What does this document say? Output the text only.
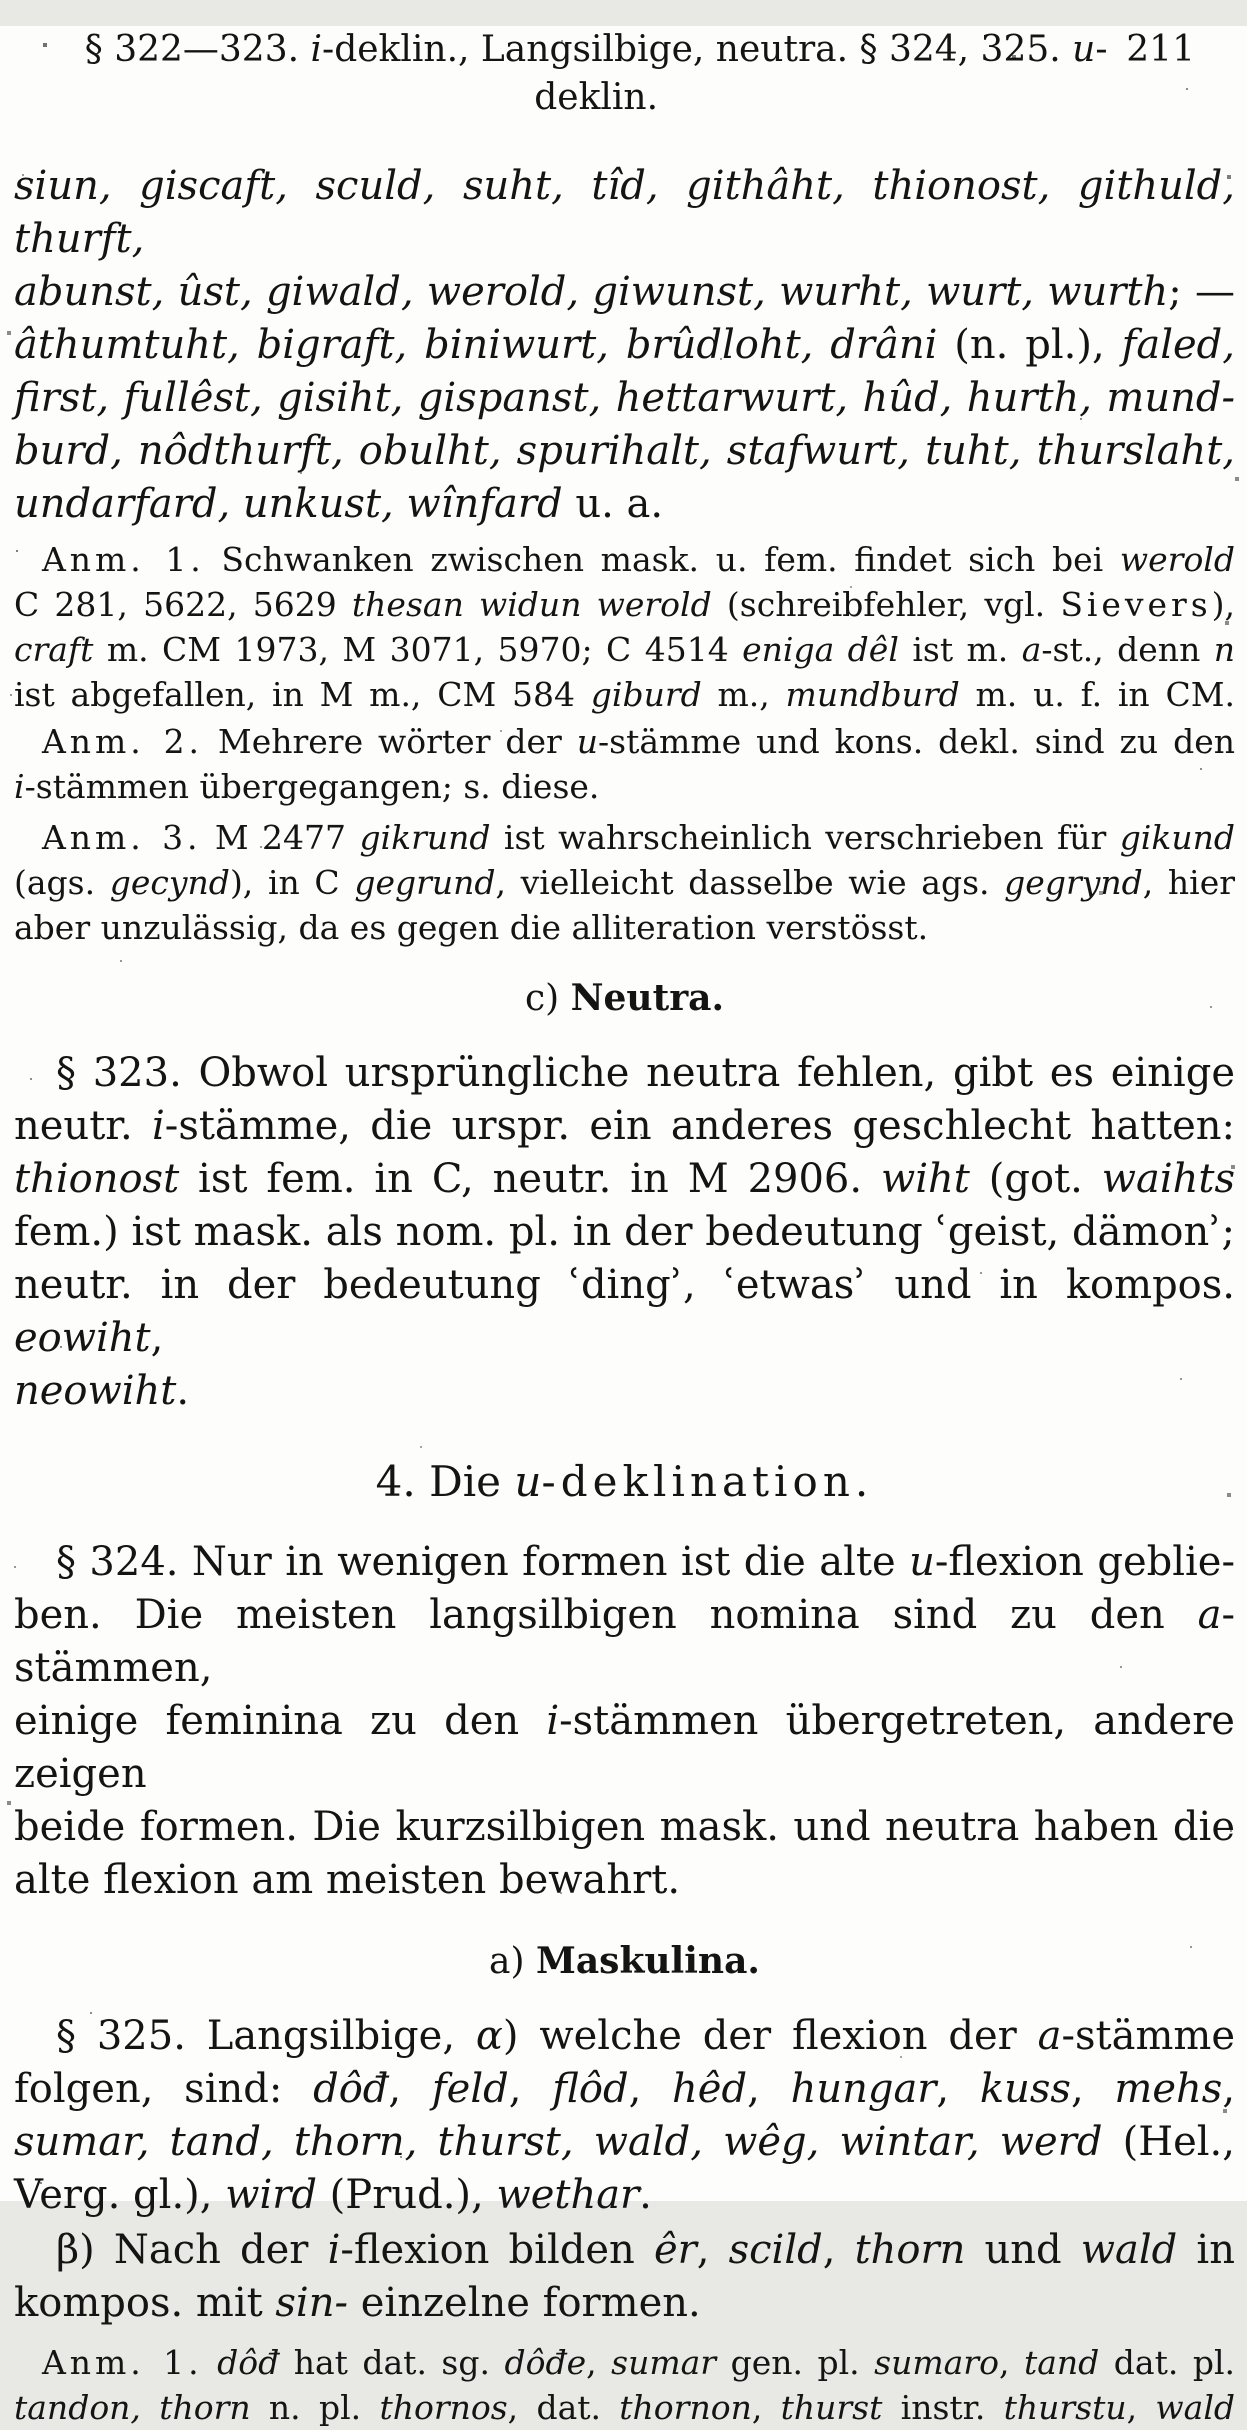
§ 322—323. i-deklin., Langsilbige, neutra. § 324, 325. u-deklin.
211
siun, giscaft, sculd, suht, tîd, githâht, thionost, githuld, thurft,
abunst, ûst, giwald, werold, giwunst, wurht, wurt, wurth; —
âthumtuht, bigraft, biniwurt, brûdloht, drâni (n. pl.), faled,
first, fullêst, gisiht, gispanst, hettarwurt, hûd, hurth, mund-
burd, nôdthurft, obulht, spurihalt, stafwurt, tuht, thurslaht,
undarfard, unkust, wînfard u. a.
Anm. 1. Schwanken zwischen mask. u. fem. findet sich bei werold
C 281, 5622, 5629 thesan widun werold (schreibfehler, vgl. Sievers),
craft m. CM 1973, M 3071, 5970; C 4514 eniga dêl ist m. a-st., denn n
ist abgefallen, in M m., CM 584 giburd m., mundburd m. u. f. in CM.
Anm. 2. Mehrere wörter der u-stämme und kons. dekl. sind zu den
i-stämmen übergegangen; s. diese.
Anm. 3. M 2477 gikrund ist wahrscheinlich verschrieben für gikund
(ags. gecynd), in C gegrund, vielleicht dasselbe wie ags. gegrynd, hier
aber unzulässig, da es gegen die alliteration verstösst.
c) Neutra.
§ 323. Obwol ursprüngliche neutra fehlen, gibt es einige
neutr. i-stämme, die urspr. ein anderes geschlecht hatten:
thionost ist fem. in C, neutr. in M 2906. wiht (got. waihts
fem.) ist mask. als nom. pl. in der bedeutung ʿgeist, dämonʾ;
neutr. in der bedeutung ʿdingʾ, ʿetwasʾ und in kompos. eowiht,
neowiht.
4. Die u-deklination.
§ 324. Nur in wenigen formen ist die alte u-flexion geblie-
ben. Die meisten langsilbigen nomina sind zu den a-stämmen,
einige feminina zu den i-stämmen übergetreten, andere zeigen
beide formen. Die kurzsilbigen mask. und neutra haben die
alte flexion am meisten bewahrt.
a) Maskulina.
§ 325. Langsilbige, α) welche der flexion der a-stämme
folgen, sind: dôđ, feld, flôd, hêd, hungar, kuss, mehs,
sumar, tand, thorn, thurst, wald, wêg, wintar, werd (Hel.,
Verg. gl.), wird (Prud.), wethar.
β) Nach der i-flexion bilden êr, scild, thorn und wald in
kompos. mit sin- einzelne formen.
Anm. 1. dôđ hat dat. sg. dôđe, sumar gen. pl. sumaro, tand dat. pl.
tandon, thorn n. pl. thornos, dat. thornon, thurst instr. thurstu, wald
